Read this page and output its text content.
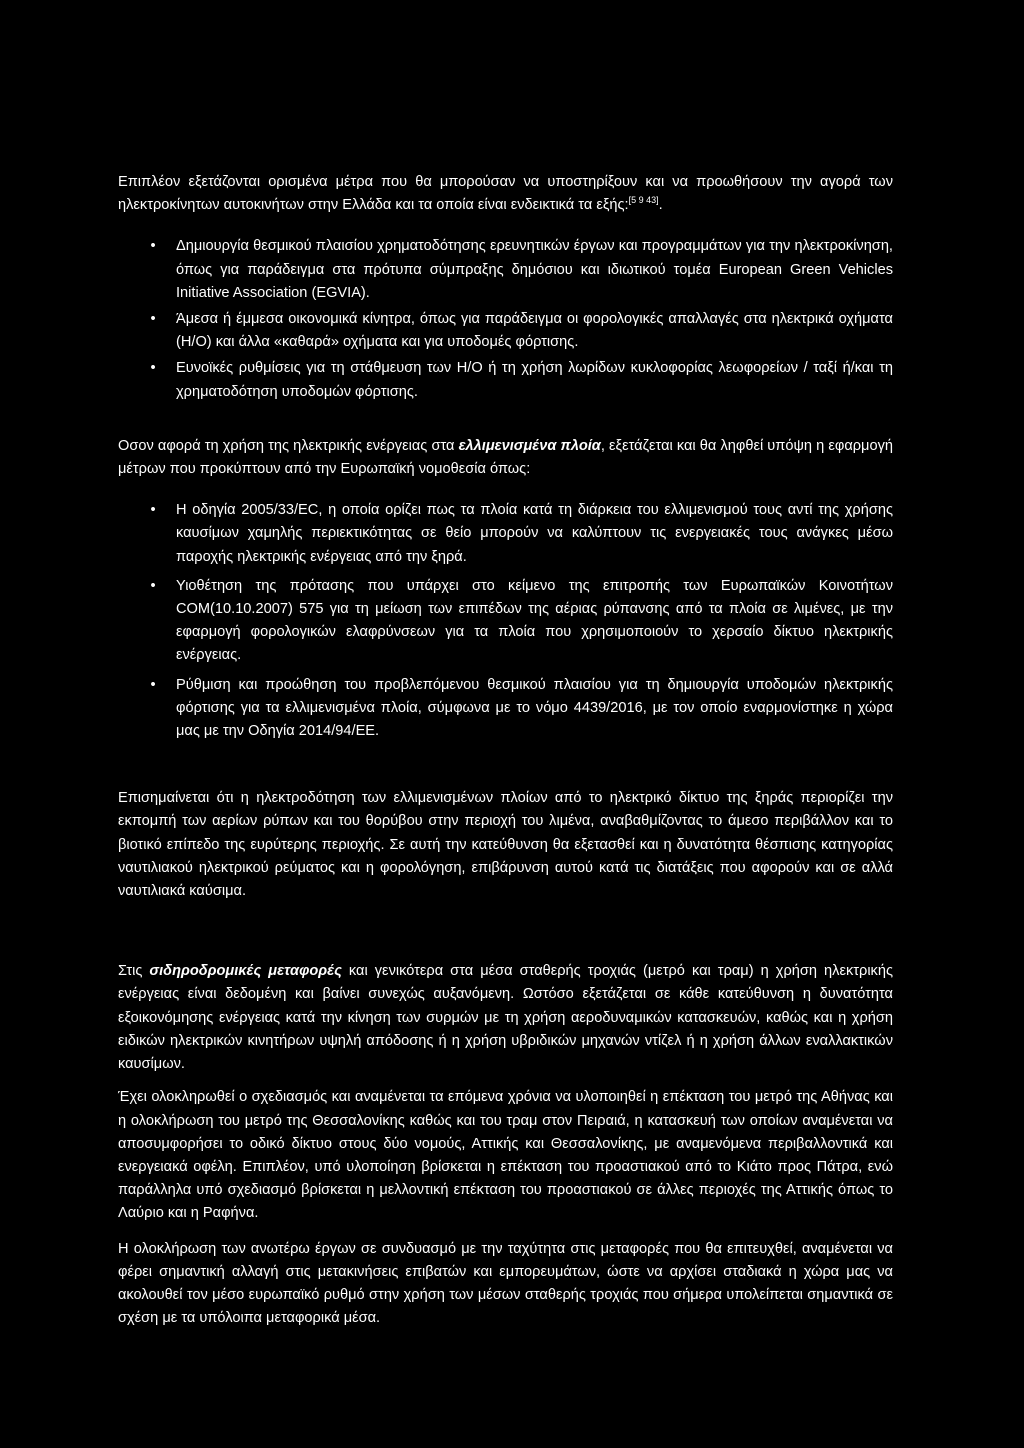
Επιπλέον εξετάζονται ορισμένα μέτρα που θα μπορούσαν να υποστηρίξουν και να προωθήσουν την αγορά των ηλεκτροκίνητων αυτοκινήτων στην Ελλάδα και τα οποία είναι ενδεικτικά τα εξής:[5 9 43].

• Δημιουργία θεσμικού πλαισίου χρηματοδότησης ερευνητικών έργων και προγραμμάτων για την ηλεκτροκίνηση, όπως για παράδειγμα στα πρότυπα σύμπραξης δημόσιου και ιδιωτικού τομέα European Green Vehicles Initiative Association (EGVIA).
• Άμεσα ή έμμεσα οικονομικά κίνητρα, όπως για παράδειγμα οι φορολογικές απαλλαγές στα ηλεκτρικά οχήματα (Η/Ο) και άλλα «καθαρά» οχήματα και για υποδομές φόρτισης.
• Ευνοϊκές ρυθμίσεις για τη στάθμευση των Η/Ο ή τη χρήση λωρίδων κυκλοφορίας λεωφορείων / ταξί ή/και τη χρηματοδότηση υποδομών φόρτισης.

Οσον αφορά τη χρήση της ηλεκτρικής ενέργειας στα ελλιμενισμένα πλοία, εξετάζεται και θα ληφθεί υπόψη η εφαρμογή μέτρων που προκύπτουν από την Ευρωπαϊκή νομοθεσία όπως:

• Η οδηγία 2005/33/EC, η οποία ορίζει πως τα πλοία κατά τη διάρκεια του ελλιμενισμού τους αντί της χρήσης καυσίμων χαμηλής περιεκτικότητας σε θείο μπορούν να καλύπτουν τις ενεργειακές τους ανάγκες μέσω παροχής ηλεκτρικής ενέργειας από την ξηρά.
• Υιοθέτηση της πρότασης που υπάρχει στο κείμενο της επιτροπής των Ευρωπαϊκών Κοινοτήτων COM(10.10.2007) 575 για τη μείωση των επιπέδων της αέριας ρύπανσης από τα πλοία σε λιμένες, με την εφαρμογή φορολογικών ελαφρύνσεων για τα πλοία που χρησιμοποιούν το χερσαίο δίκτυο ηλεκτρικής ενέργειας.
• Ρύθμιση και προώθηση του προβλεπόμενου θεσμικού πλαισίου για τη δημιουργία υποδομών ηλεκτρικής φόρτισης για τα ελλιμενισμένα πλοία, σύμφωνα με το νόμο 4439/2016, με τον οποίο εναρμονίστηκε η χώρα μας με την Οδηγία 2014/94/ΕΕ.

Επισημαίνεται ότι η ηλεκτροδότηση των ελλιμενισμένων πλοίων από το ηλεκτρικό δίκτυο της ξηράς περιορίζει την εκπομπή των αερίων ρύπων και του θορύβου στην περιοχή του λιμένα, αναβαθμίζοντας το άμεσο περιβάλλον και το βιοτικό επίπεδο της ευρύτερης περιοχής. Σε αυτή την κατεύθυνση θα εξετασθεί και η δυνατότητα θέσπισης κατηγορίας ναυτιλιακού ηλεκτρικού ρεύματος και η φορολόγηση, επιβάρυνση αυτού κατά τις διατάξεις που αφορούν και σε αλλά ναυτιλιακά καύσιμα.

Στις σιδηροδρομικές μεταφορές και γενικότερα στα μέσα σταθερής τροχιάς (μετρό και τραμ) η χρήση ηλεκτρικής ενέργειας είναι δεδομένη και βαίνει συνεχώς αυξανόμενη. Ωστόσο εξετάζεται σε κάθε κατεύθυνση η δυνατότητα εξοικονόμησης ενέργειας κατά την κίνηση των συρμών με τη χρήση αεροδυναμικών κατασκευών, καθώς και η χρήση ειδικών ηλεκτρικών κινητήρων υψηλή απόδοσης ή η χρήση υβριδικών μηχανών ντίζελ ή η χρήση άλλων εναλλακτικών καυσίμων.

Έχει ολοκληρωθεί ο σχεδιασμός και αναμένεται τα επόμενα χρόνια να υλοποιηθεί η επέκταση του μετρό της Αθήνας και η ολοκλήρωση του μετρό της Θεσσαλονίκης καθώς και του τραμ στον Πειραιά, η κατασκευή των οποίων αναμένεται να αποσυμφορήσει το οδικό δίκτυο στους δύο νομούς, Αττικής και Θεσσαλονίκης, με αναμενόμενα περιβαλλοντικά και ενεργειακά οφέλη. Επιπλέον, υπό υλοποίηση βρίσκεται η επέκταση του προαστιακού από το Κιάτο προς Πάτρα, ενώ παράλληλα υπό σχεδιασμό βρίσκεται η μελλοντική επέκταση του προαστιακού σε άλλες περιοχές της Αττικής όπως το Λαύριο και η Ραφήνα.

Η ολοκλήρωση των ανωτέρω έργων σε συνδυασμό με την ταχύτητα στις μεταφορές που θα επιτευχθεί, αναμένεται να φέρει σημαντική αλλαγή στις μετακινήσεις επιβατών και εμπορευμάτων, ώστε να αρχίσει σταδιακά η χώρα μας να ακολουθεί τον μέσο ευρωπαϊκό ρυθμό στην χρήση των μέσων σταθερής τροχιάς που σήμερα υπολείπεται σημαντικά σε σχέση με τα υπόλοιπα μεταφορικά μέσα.
